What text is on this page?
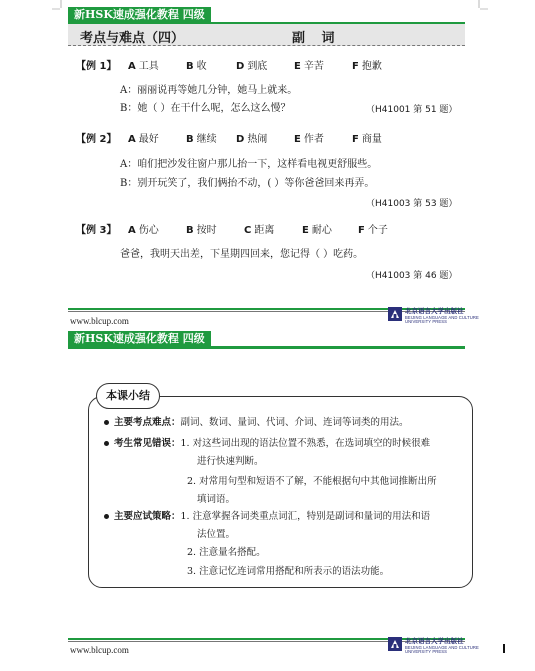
新HSK速成强化教程 四级
考点与难点（四）	副 词
【例 1】 A 工具	B 收	D 到底	E 辛苦	F 抱歉
A：丽丽说再等她几分钟，她马上就来。
B：她（ ）在干什么呢，怎么这么慢？	（H41001 第 51 题）
【例 2】 A 最好	B 继续 D 热闹	E 作者	F 商量
A：咱们把沙发往窗户那儿抬一下，这样看电视更舒服些。
B：别开玩笑了，我们俩抬不动，( ）等你爸爸回来再弄。
（H41003 第 53 题）
【例 3】 A 伤心	B 按时	C 距离	E 耐心	F 个子
爸爸，我明天出差，下星期四回来，您记得（ ）吃药。
（H41003 第 46 题）
www.blcup.com
北京语言大学出版社
BEIJING LANGUAGE AND CULTURE
UNIVERSITY PRESS
新HSK速成强化教程 四级
本课小结
主要考点难点：副词、数词、量词、代词、介词、连词等词类的用法。
考生常见错误：1. 对这些词出现的语法位置不熟悉，在选词填空的时候很难
进行快速判断。
2. 对常用句型和短语不了解，不能根据句中其他词推断出所
填词语。
主要应试策略：1. 注意掌握各词类重点词汇，特别是副词和量词的用法和语
法位置。
2. 注意量名搭配。
3. 注意记忆连词常用搭配和所表示的语法功能。
www.blcup.com
北京语言大学出版社
BEIJING LANGUAGE AND CULTURE
UNIVERSITY PRESS
